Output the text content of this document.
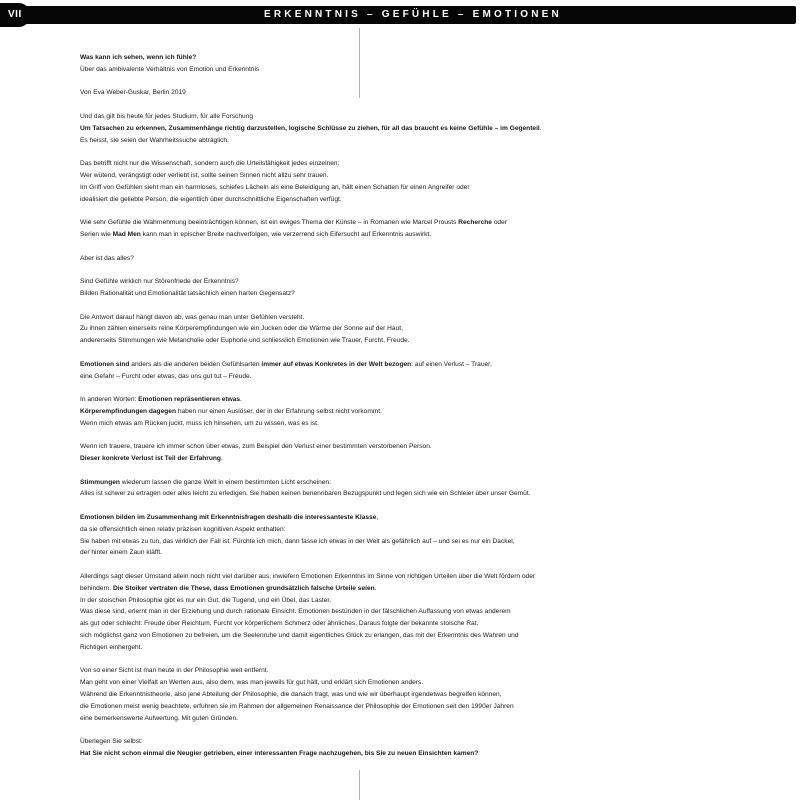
ERKENNTNIS – GEFÜHLE – EMOTIONEN
VII

Was kann ich sehen, wenn ich fühle?
Über das ambivalente Verhältnis von Emotion und Erkenntnis

Von Eva Weber-Guskar, Berlin 2019

Und das gilt bis heute für jedes Studium, für alle Forschung
Um Tatsachen zu erkennen, Zusammenhänge richtig darzustellen, logische Schlüsse zu ziehen, für all das braucht es keine Gefühle – im Gegenteil.
Es heisst, sie seien der Wahrheitssuche abträglich.

Das betrifft nicht nur die Wissenschaft, sondern auch die Urteilsfähigkeit jedes einzelnen:
Wer wütend, verängstigt oder verliebt ist, sollte seinen Sinnen nicht allzu sehr trauen.
Im Griff von Gefühlen sieht man ein harmloses, schiefes Lächeln als eine Beleidigung an, hält einen Schatten für einen Angreifer oder
idealisiert die geliebte Person, die eigentlich über durchschnittliche Eigenschaften verfügt.

Wie sehr Gefühle die Wahrnehmung beeinträchtigen können, ist ein ewiges Thema der Künste – in Romanen wie Marcel Prousts Recherche oder
Serien wie Mad Men kann man in epischer Breite nachverfolgen, wie verzerrend sich Eifersucht auf Erkenntnis auswirkt.

Aber ist das alles?

Sind Gefühle wirklich nur Störenfriede der Erkenntnis?
Bilden Rationalität und Emotionalität tatsächlich einen harten Gegensatz?

Die Antwort darauf hängt davon ab, was genau man unter Gefühlen versteht.
Zu ihnen zählen einerseits reine Körperempfindungen wie ein Jucken oder die Wärme der Sonne auf der Haut,
andererseits Stimmungen wie Melancholie oder Euphorie und schliesslich Emotionen wie Trauer, Furcht, Freude.

Emotionen sind anders als die anderen beiden Gefühlsarten immer auf etwas Konkretes in der Welt bezogen: auf einen Verlust – Trauer,
eine Gefahr – Furcht oder etwas, das uns gut tut – Freude.

In anderen Worten: Emotionen repräsentieren etwas.
Körperempfindungen dagegen haben nur einen Auslöser, der in der Erfahrung selbst nicht vorkommt.
Wenn mich etwas am Rücken juckt, muss ich hinsehen, um zu wissen, was es ist.

Wenn ich trauere, trauere ich immer schon über etwas, zum Beispiel den Verlust einer bestimmten verstorbenen Person.
Dieser konkrete Verlust ist Teil der Erfahrung.

Stimmungen wiederum lassen die ganze Welt in einem bestimmten Licht erscheinen:
Alles ist schwer zu ertragen oder alles leicht zu erledigen. Sie haben keinen benennbaren Bezugspunkt und legen sich wie ein Schleier über unser Gemüt.

Emotionen bilden im Zusammenhang mit Erkenntnisfragen deshalb die interessanteste Klasse,
da sie offensichtlich einen relativ präzisen kognitiven Aspekt enthalten:
Sie haben mit etwas zu tun, das wirklich der Fall ist: Fürchte ich mich, dann fasse ich etwas in der Welt als gefährlich auf – und sei es nur ein Dackel,
der hinter einem Zaun kläfft.

Allerdings sagt dieser Umstand allein noch nicht viel darüber aus, inwiefern Emotionen Erkenntnis im Sinne von richtigen Urteilen über die Welt fördern oder
behindern. Die Stoiker vertraten die These, dass Emotionen grundsätzlich falsche Urteile seien.
In der stoischen Philosophie gibt es nur ein Gut, die Tugend, und ein Übel, das Laster.
Was diese sind, erlernt man in der Erziehung und durch rationale Einsicht. Emotionen bestünden in der fälschlichen Auffassung von etwas anderem
als gut oder schlecht: Freude über Reichtum, Furcht vor körperlichem Schmerz oder ähnliches. Daraus folgte der bekannte stoische Rat,
sich möglichst ganz von Emotionen zu befreien, um die Seelenruhe und damit eigentliches Glück zu erlangen, das mit der Erkenntnis des Wahren und
Richtigen einhergeht.

Von so einer Sicht ist man heute in der Philosophie weit entfernt.
Man geht von einer Vielfalt an Werten aus, also dem, was man jeweils für gut hält, und erklärt sich Emotionen anders.
Während die Erkenntnistheorie, also jene Abteilung der Philosophie, die danach fragt, was und wie wir überhaupt irgendetwas begreifen können,
die Emotionen meist wenig beachtete, erfuhren sie im Rahmen der allgemeinen Renaissance der Philosophie der Emotionen seit den 1990er Jahren
eine bemerkenswerte Aufwertung. Mit guten Gründen.

Überlegen Sie selbst:
Hat Sie nicht schon einmal die Neugier getrieben, einer interessanten Frage nachzugehen, bis Sie zu neuen Einsichten kamen?
